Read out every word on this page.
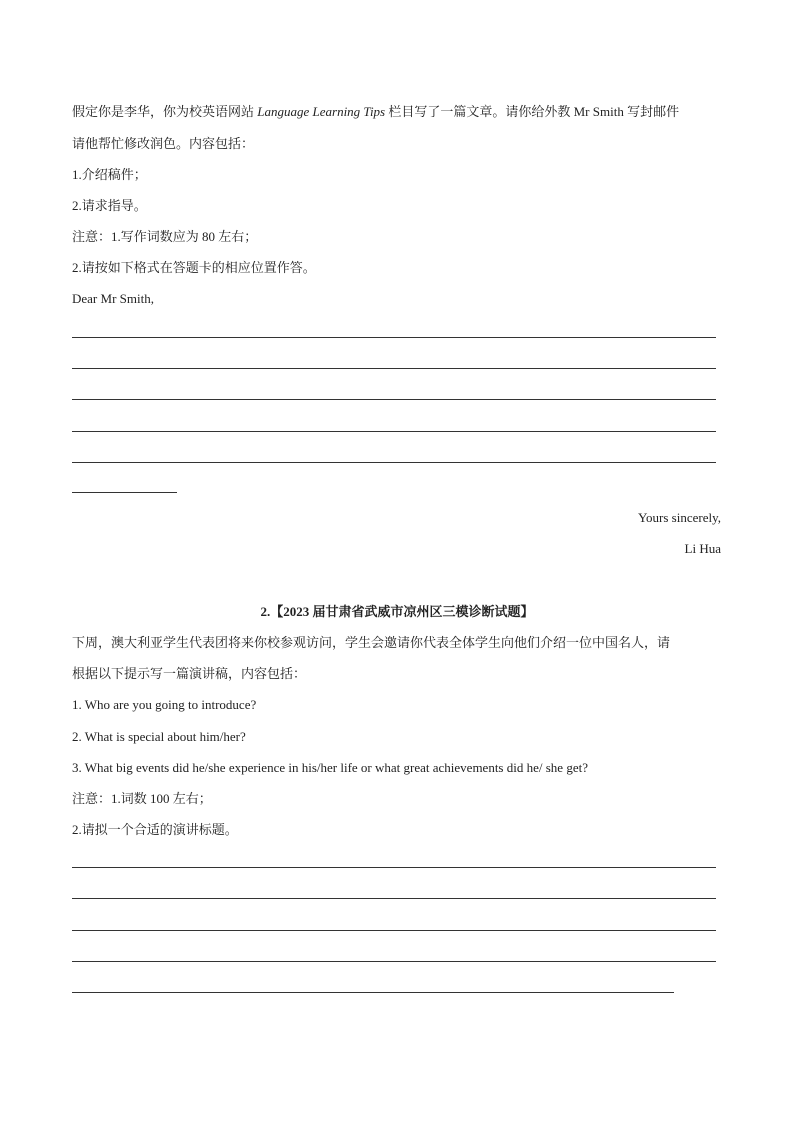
假定你是李华，你为校英语网站 Language Learning Tips 栏目写了一篇文章。请你给外教 Mr Smith 写封邮件
请他帮忙修改润色。内容包括：
1.介绍稿件；
2.请求指导。
注意：1.写作词数应为 80 左右；
2.请按如下格式在答题卡的相应位置作答。
Dear Mr Smith,
Yours sincerely,
Li Hua
2.【2023 届甘肃省武威市凉州区三模诊断试题】
下周，澳大利亚学生代表团将来你校参观访问，学生会邀请你代表全体学生向他们介绍一位中国名人，请
根据以下提示写一篇演讲稿，内容包括：
1. Who are you going to introduce?
2. What is special about him/her?
3. What big events did he/she experience in his/her life or what great achievements did he/ she get?
注意：1.词数 100 左右；
2.请拟一个合适的演讲标题。
